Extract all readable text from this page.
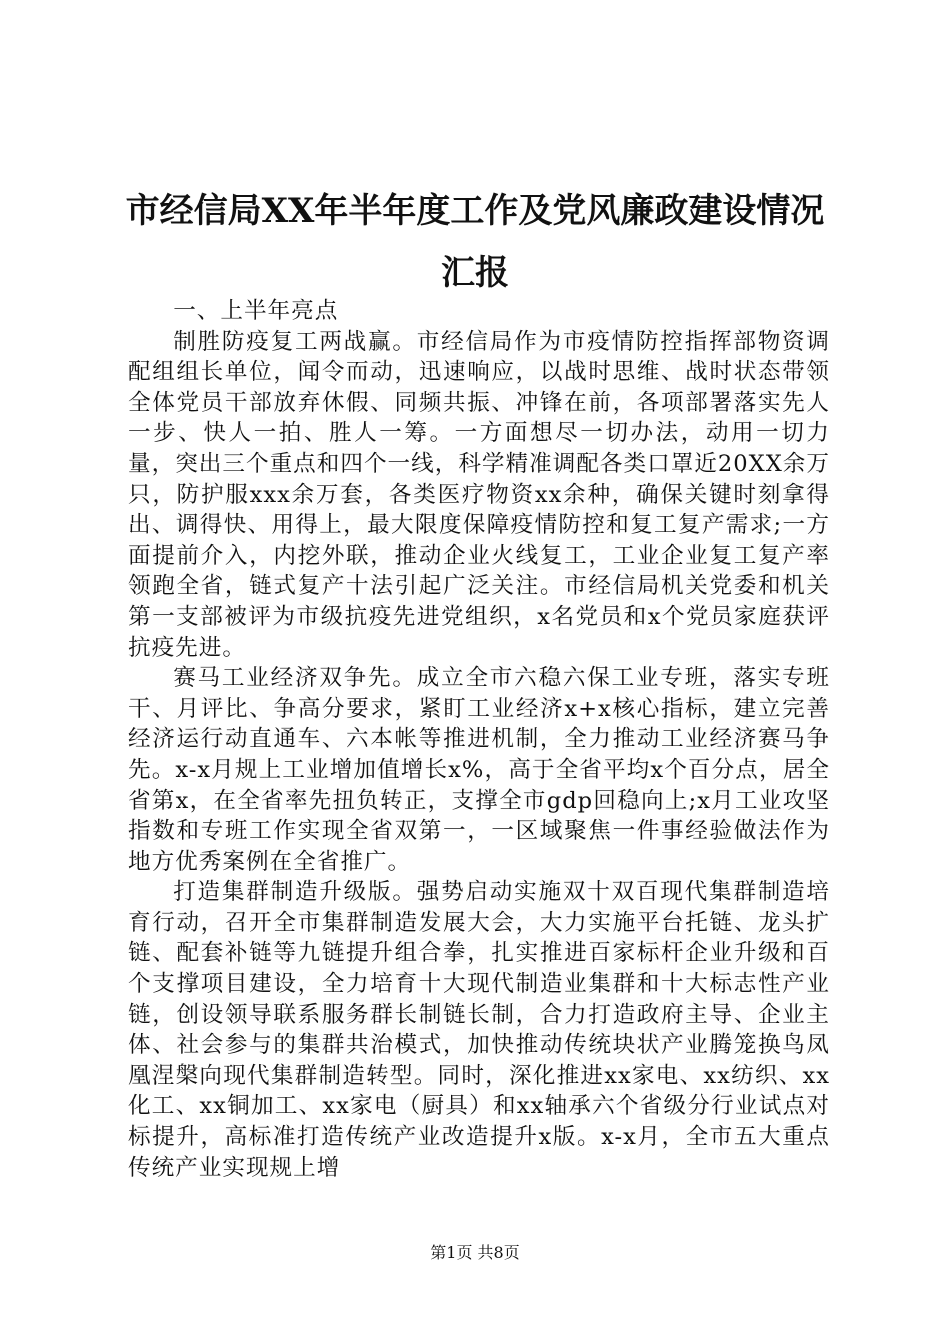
市经信局XX年半年度工作及党风廉政建设情况汇报

一、上半年亮点

制胜防疫复工两战赢。市经信局作为市疫情防控指挥部物资调配组组长单位，闻令而动，迅速响应，以战时思维、战时状态带领全体党员干部放弃休假、同频共振、冲锋在前，各项部署落实先人一步、快人一拍、胜人一筹。一方面想尽一切办法，动用一切力量，突出三个重点和四个一线，科学精准调配各类口罩近20XX余万只，防护服xxx余万套，各类医疗物资xx余种，确保关键时刻拿得出、调得快、用得上，最大限度保障疫情防控和复工复产需求;一方面提前介入，内挖外联，推动企业火线复工，工业企业复工复产率领跑全省，链式复产十法引起广泛关注。市经信局机关党委和机关第一支部被评为市级抗疫先进党组织，x名党员和x个党员家庭获评抗疫先进。

赛马工业经济双争先。成立全市六稳六保工业专班，落实专班干、月评比、争高分要求，紧盯工业经济x+x核心指标，建立完善经济运行动直通车、六本帐等推进机制，全力推动工业经济赛马争先。x-x月规上工业增加值增长x%，高于全省平均x个百分点，居全省第x，在全省率先扭负转正，支撑全市gdp回稳向上;x月工业攻坚指数和专班工作实现全省双第一，一区域聚焦一件事经验做法作为地方优秀案例在全省推广。

打造集群制造升级版。强势启动实施双十双百现代集群制造培育行动，召开全市集群制造发展大会，大力实施平台托链、龙头扩链、配套补链等九链提升组合拳，扎实推进百家标杆企业升级和百个支撑项目建设，全力培育十大现代制造业集群和十大标志性产业链，创设领导联系服务群长制链长制，合力打造政府主导、企业主体、社会参与的集群共治模式，加快推动传统块状产业腾笼换鸟凤凰涅槃向现代集群制造转型。同时，深化推进xx家电、xx纺织、xx化工、xx铜加工、xx家电（厨具）和xx轴承六个省级分行业试点对标提升，高标准打造传统产业改造提升x版。x-x月，全市五大重点传统产业实现规上增

第1页 共8页
